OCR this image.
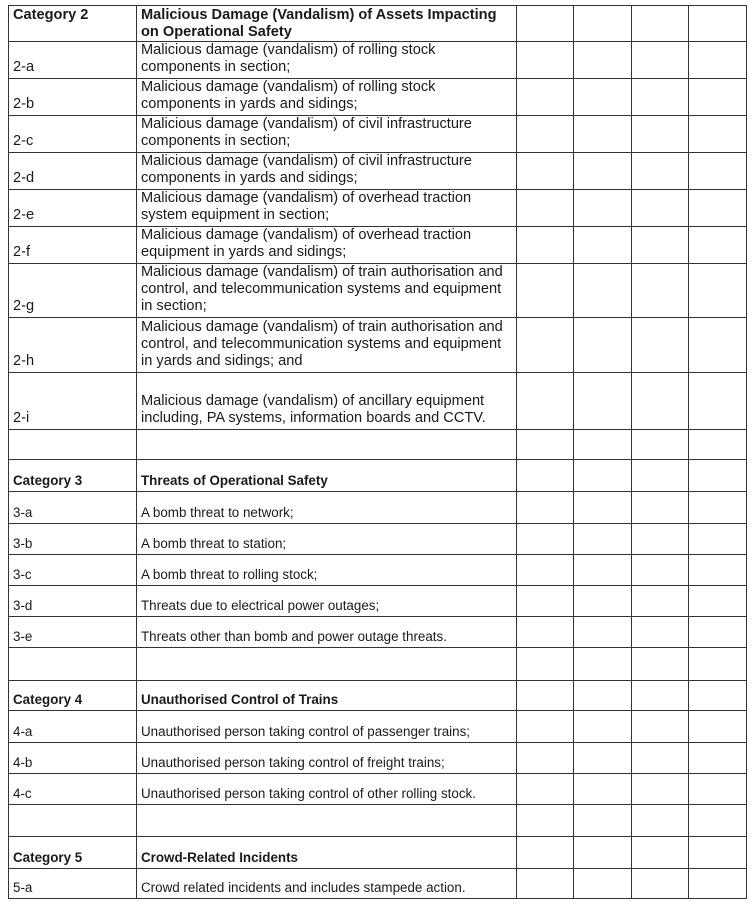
Category 2	Malicious Damage (Vandalism) of Assets Impacting on Operational Safety				
2-a	Malicious damage (vandalism) of rolling stock components in section;				
2-b	Malicious damage (vandalism) of rolling stock components in yards and sidings;				
2-c	Malicious damage (vandalism) of civil infrastructure components in section;				
2-d	Malicious damage (vandalism) of civil infrastructure components in yards and sidings;				
2-e	Malicious damage (vandalism) of overhead traction system equipment in section;				
2-f	Malicious damage (vandalism) of overhead traction equipment in yards and sidings;				
2-g	Malicious damage (vandalism) of train authorisation and control, and telecommunication systems and equipment in section;				
2-h	Malicious damage (vandalism) of train authorisation and control, and telecommunication systems and equipment in yards and sidings; and				
2-i	Malicious damage (vandalism) of ancillary equipment including, PA systems, information boards and CCTV.				

Category 3	Threats of Operational Safety				
3-a	A bomb threat to network;				
3-b	A bomb threat to station;				
3-c	A bomb threat to rolling stock;				
3-d	Threats due to electrical power outages;				
3-e	Threats other than bomb and power outage threats.				

Category 4	Unauthorised Control of Trains				
4-a	Unauthorised person taking control of passenger trains;				
4-b	Unauthorised person taking control of freight trains;				
4-c	Unauthorised person taking control of other rolling stock.				

Category 5	Crowd-Related Incidents				
5-a	Crowd related incidents and includes stampede action.				
